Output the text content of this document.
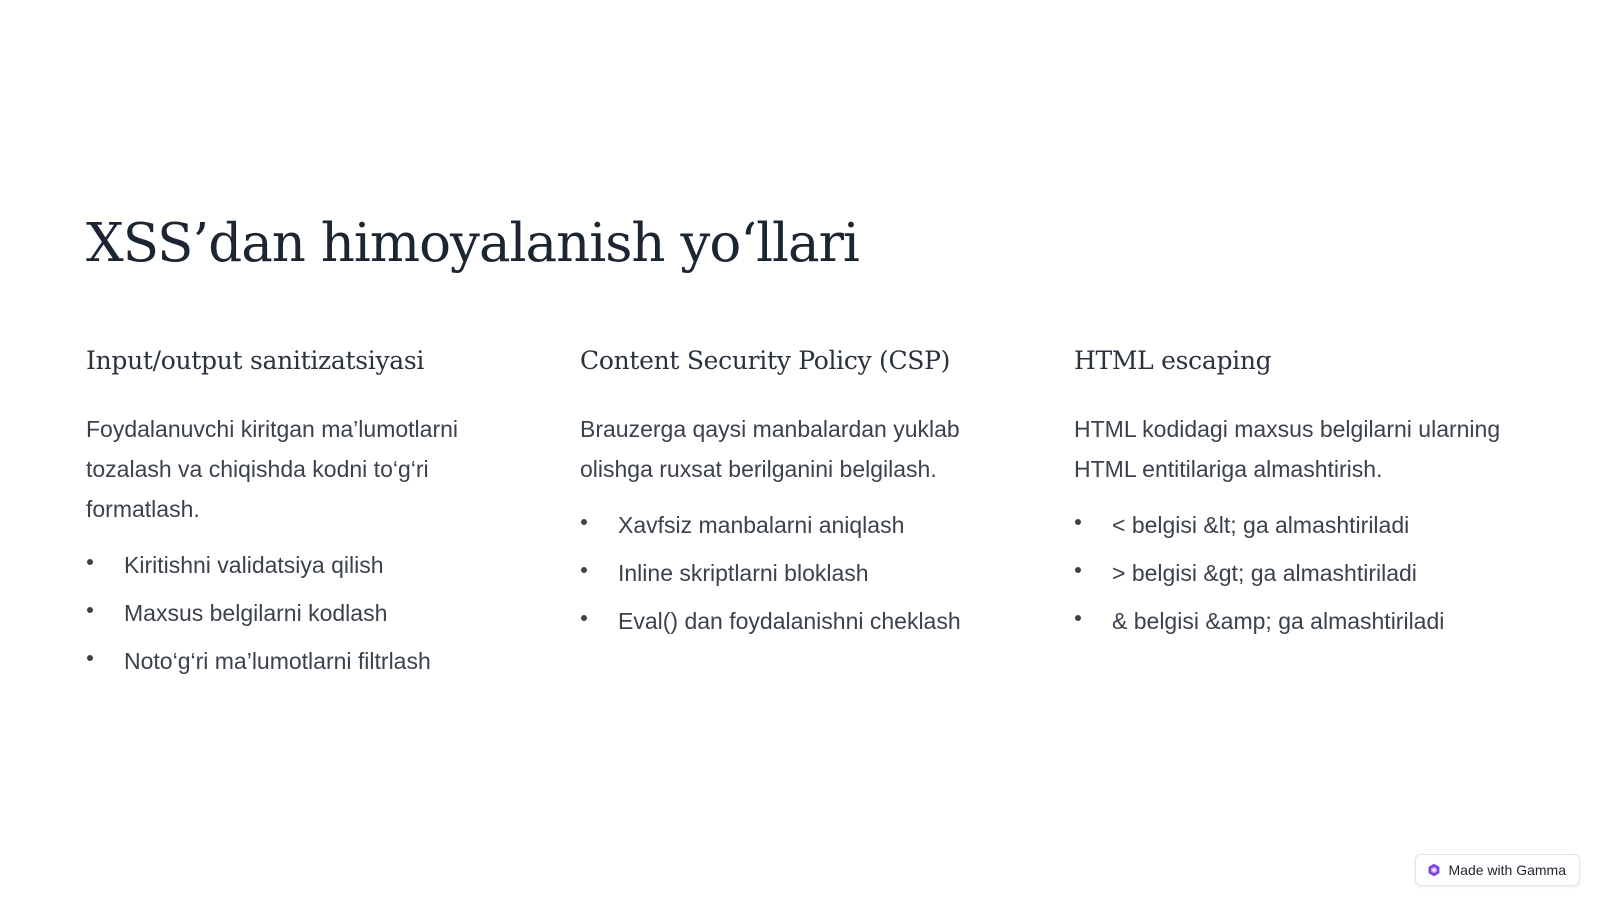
XSS’dan himoyalanish yo‘llari
Input/output sanitizatsiyasi

Foydalanuvchi kiritgan ma’lumotlarni tozalash va chiqishda kodni to‘g‘ri formatlash.

Kiritishni validatsiya qilish
Maxsus belgilarni kodlash
Noto‘g‘ri ma’lumotlarni filtrlash
Content Security Policy (CSP)

Brauzerga qaysi manbalardan yuklab olishga ruxsat berilganini belgilash.

Xavfsiz manbalarni aniqlash
Inline skriptlarni bloklash
Eval() dan foydalanishni cheklash
HTML escaping

HTML kodidagi maxsus belgilarni ularning HTML entitilariga almashtirish.

< belgisi &lt; ga almashtiriladi
> belgisi &gt; ga almashtiriladi
& belgisi &amp; ga almashtiriladi
Made with Gamma
